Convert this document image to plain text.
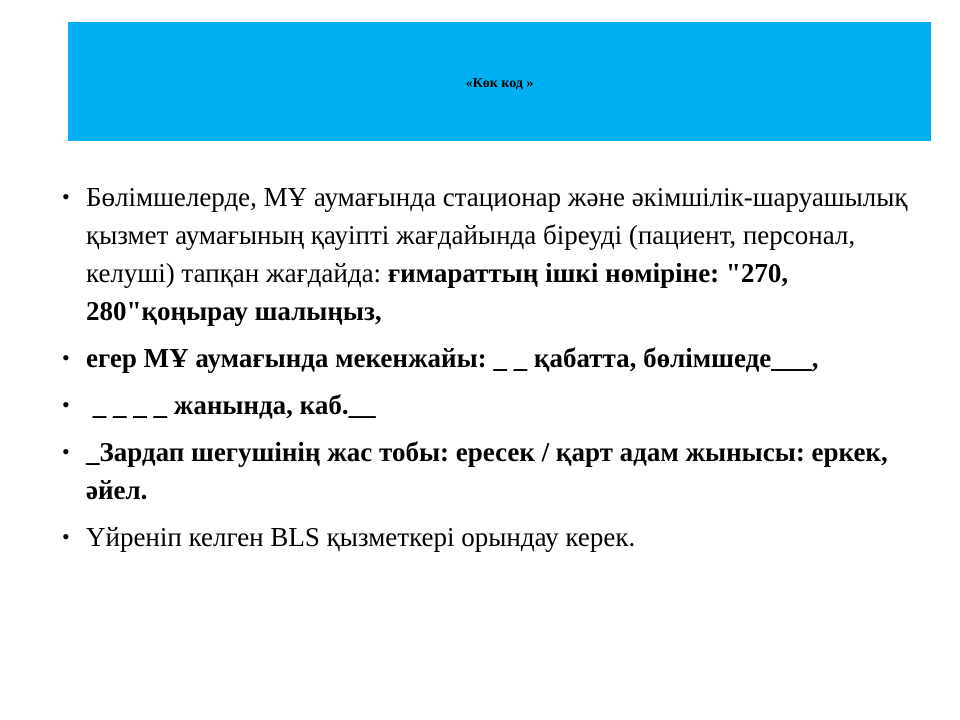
«Көк код »
• Бөлімшелерде, МҰ аумағында стационар және әкімшілік-шаруашылық қызмет аумағының қауіпті жағдайында біреуді (пациент, персонал, келуші) тапқан жағдайда: ғимараттың ішкі нөміріне: "270, 280"қоңырау шалыңыз,
• егер МҰ аумағында мекенжайы: _ _ қабатта, бөлімшеде___,
• _ _ _ _ жанында, каб.__
• _Зардап шегушінің жас тобы: ересек / қарт адам жынысы: еркек, әйел.
• Үйреніп келген BLS қызметкері орындау керек.
